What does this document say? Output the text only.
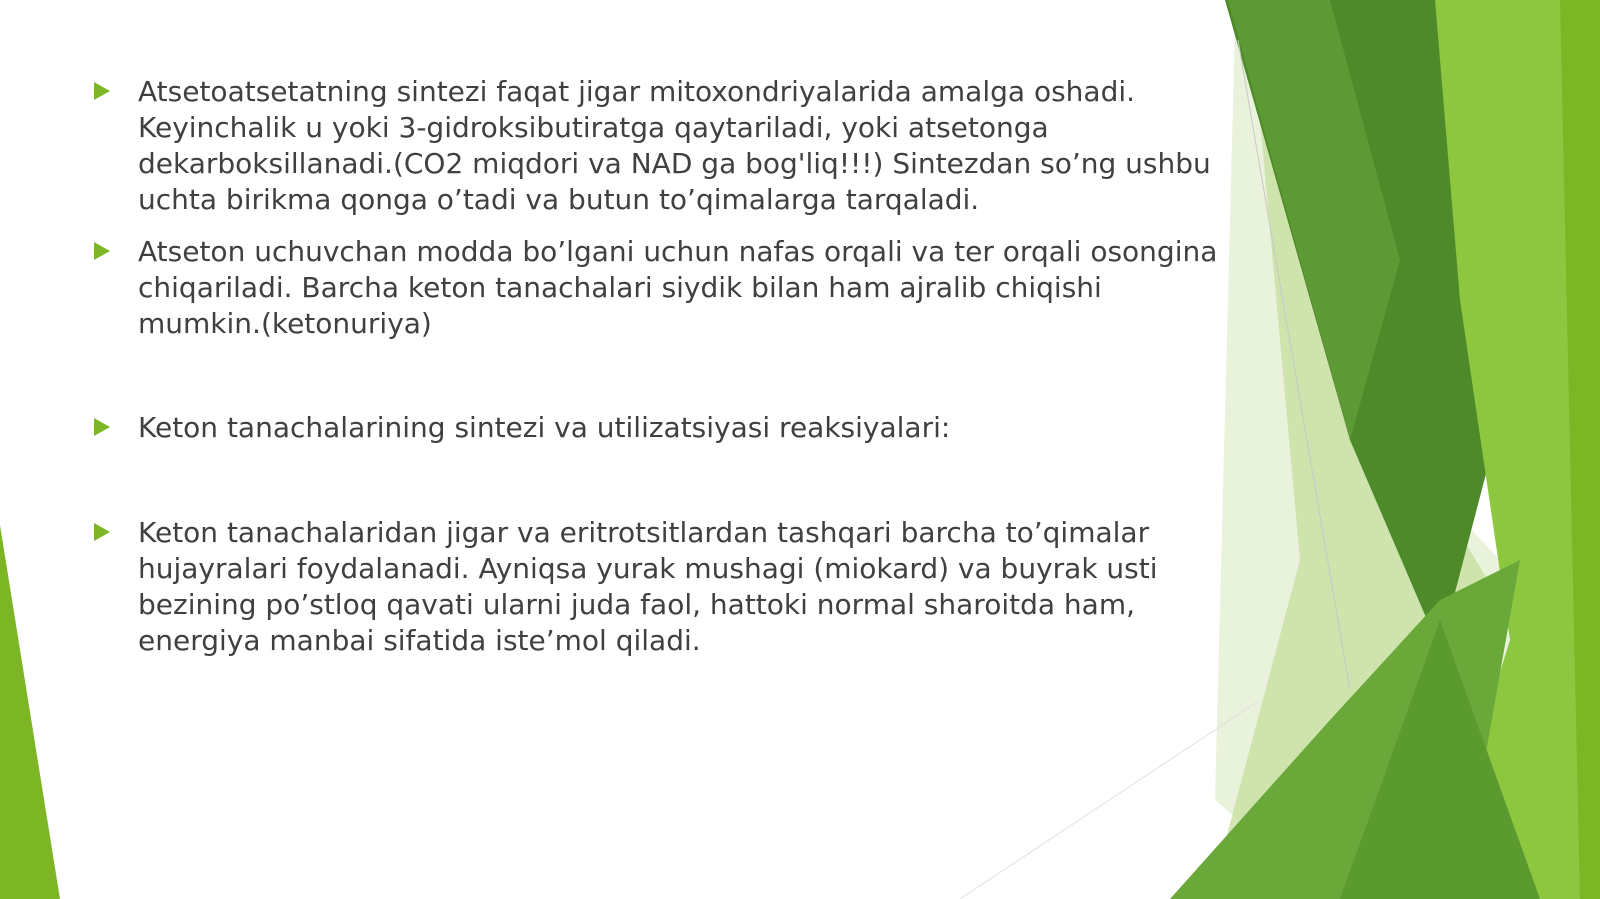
Atsetoatsetatning sintezi faqat jigar mitoxondriyalarida amalga oshadi. Keyinchalik u yoki 3-gidroksibutiratga qaytariladi, yoki atsetonga dekarboksillanadi.(CO2 miqdori va NAD ga bog'liq!!!) Sintezdan so’ng ushbu uchta birikma qonga o’tadi va butun to’qimalarga tarqaladi.

Atseton uchuvchan modda bo’lgani uchun nafas orqali va ter orqali osongina chiqariladi. Barcha keton tanachalari siydik bilan ham ajralib chiqishi mumkin.(ketonuriya)

Keton tanachalarining sintezi va utilizatsiyasi reaksiyalari:

Keton tanachalaridan jigar va eritrotsitlardan tashqari barcha to’qimalar hujayralari foydalanadi. Ayniqsa yurak mushagi (miokard) va buyrak usti bezining po’stloq qavati ularni juda faol, hattoki normal sharoitda ham, energiya manbai sifatida iste’mol qiladi.
